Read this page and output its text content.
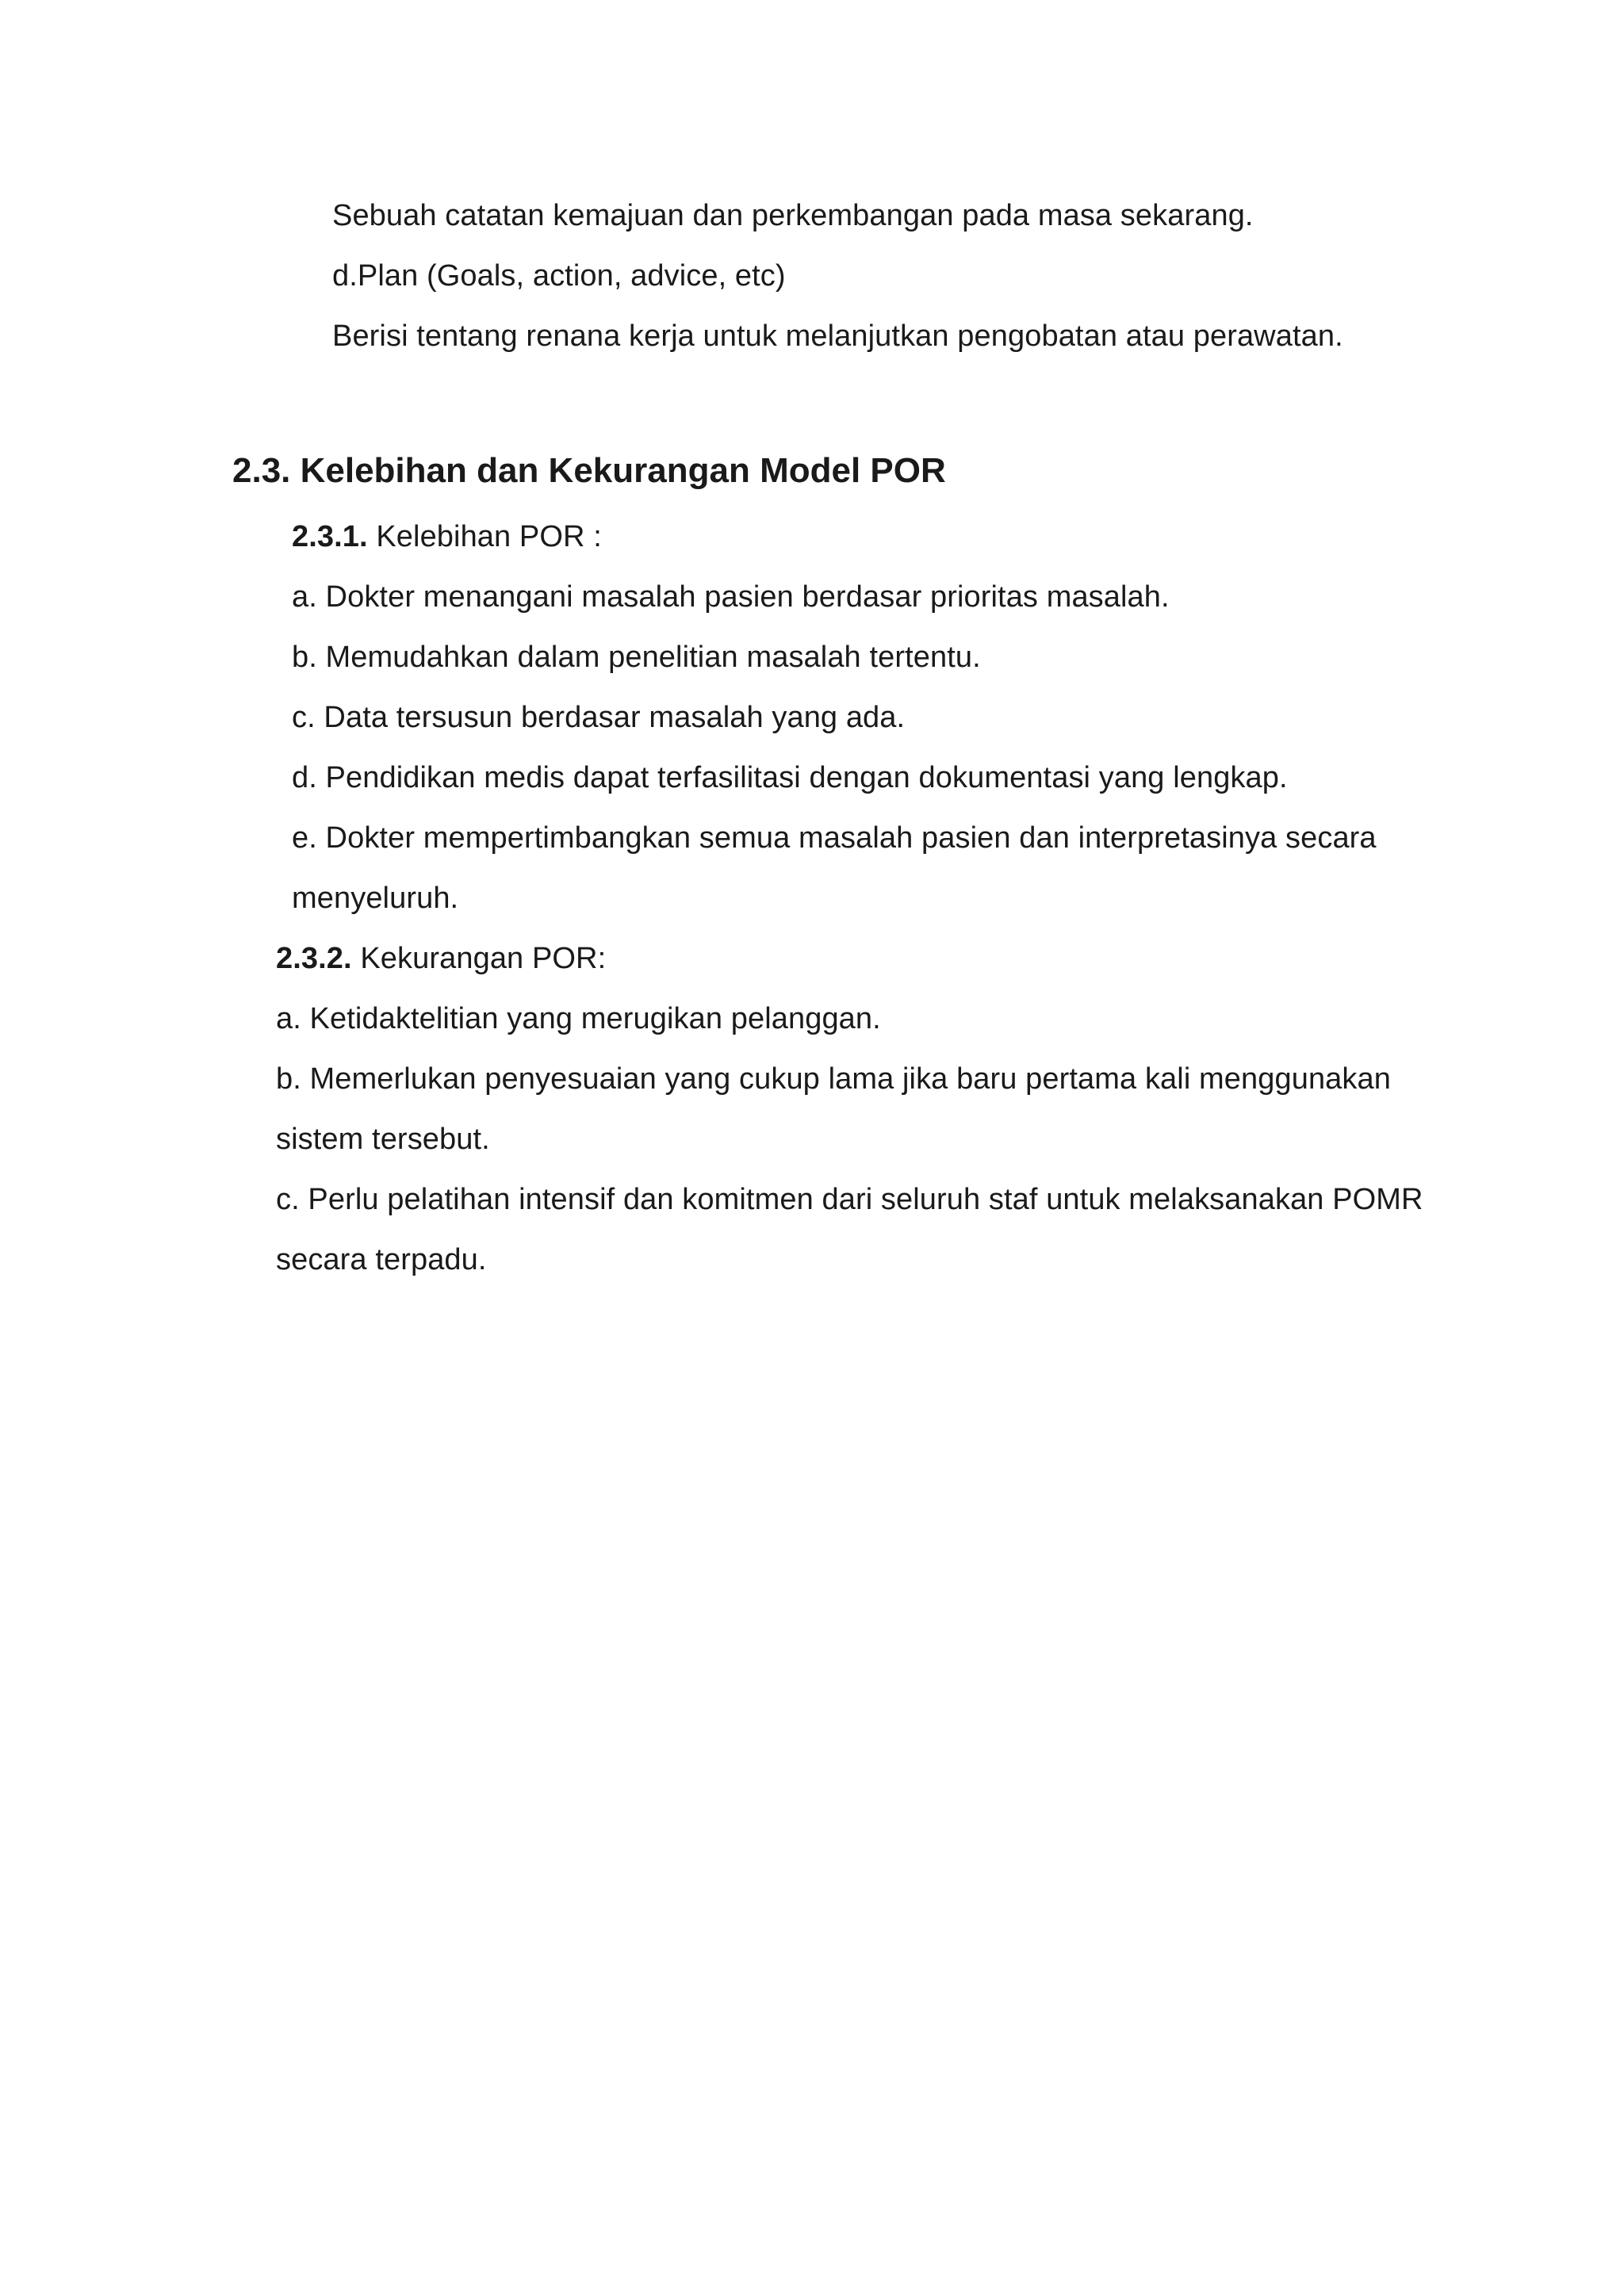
Sebuah catatan kemajuan dan perkembangan pada masa sekarang.
d.Plan (Goals, action, advice, etc)
Berisi tentang renana kerja untuk melanjutkan pengobatan atau perawatan.
2.3. Kelebihan dan Kekurangan Model POR
2.3.1. Kelebihan POR :
a. Dokter menangani masalah pasien berdasar prioritas masalah.
b. Memudahkan dalam penelitian masalah tertentu.
c. Data tersusun berdasar masalah yang ada.
d. Pendidikan medis dapat terfasilitasi dengan dokumentasi yang lengkap.
e. Dokter mempertimbangkan semua masalah pasien dan interpretasinya secara
menyeluruh.
2.3.2. Kekurangan POR:
a. Ketidaktelitian yang merugikan pelanggan.
b. Memerlukan penyesuaian yang cukup lama jika baru pertama kali menggunakan
sistem tersebut.
c. Perlu pelatihan intensif dan komitmen dari seluruh staf untuk melaksanakan POMR
secara terpadu.
